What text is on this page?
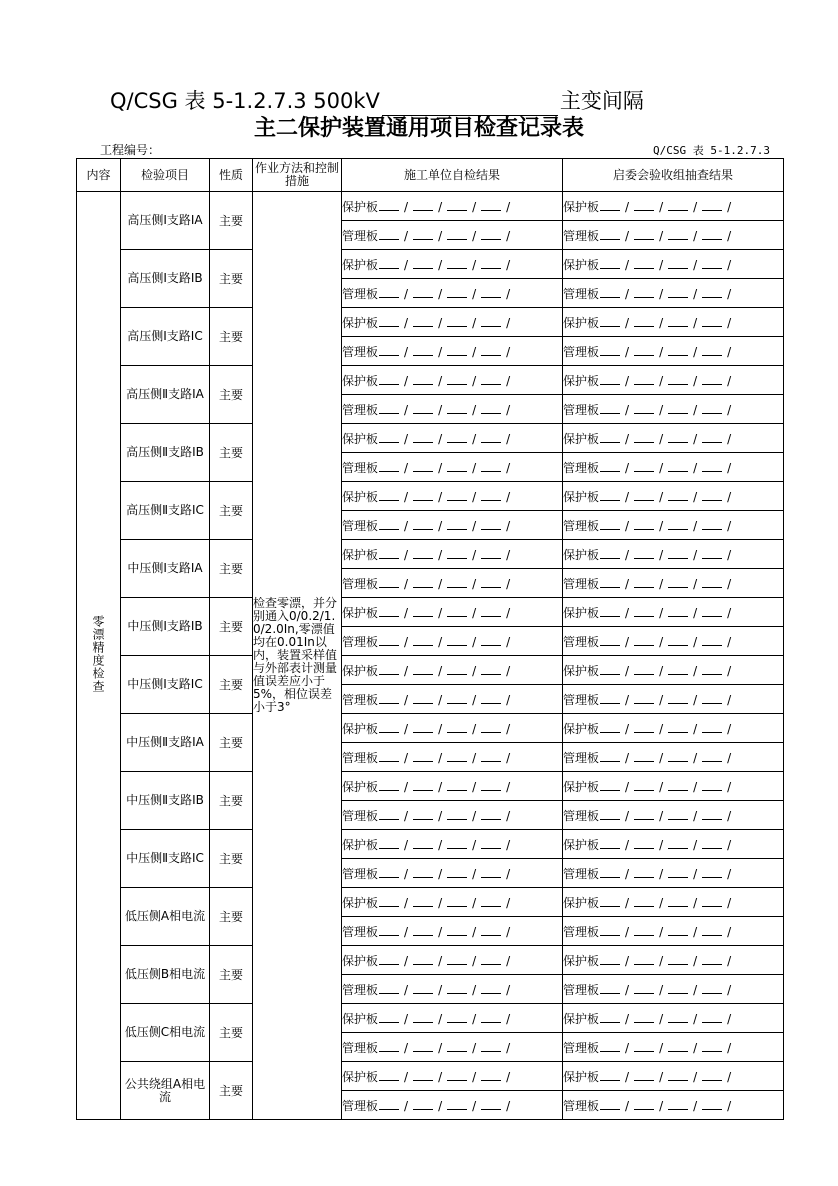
Q/CSG 表 5-1.2.7.3 500kV	主变间隔
主二保护装置通用项目检查记录表
工程编号：	Q/CSG 表 5-1.2.7.3
内容	检验项目	性质	作业方法和控制措施	施工单位自检结果	启委会验收组抽查结果
零漂精度检查	高压侧Ⅰ支路IA	主要	检查零漂，并分别通入0/0.2/1.0/2.0In,零漂值均在0.01In以内，装置采样值与外部表计测量值误差应小于5%，相位误差小于3°	保护板 / / / /	保护板 / / / /
				管理板 / / / /	管理板 / / / /
	高压侧Ⅰ支路IB	主要		保护板 / / / /	保护板 / / / /
				管理板 / / / /	管理板 / / / /
	高压侧Ⅰ支路IC	主要		保护板 / / / /	保护板 / / / /
				管理板 / / / /	管理板 / / / /
	高压侧Ⅱ支路IA	主要		保护板 / / / /	保护板 / / / /
				管理板 / / / /	管理板 / / / /
	高压侧Ⅱ支路IB	主要		保护板 / / / /	保护板 / / / /
				管理板 / / / /	管理板 / / / /
	高压侧Ⅱ支路IC	主要		保护板 / / / /	保护板 / / / /
				管理板 / / / /	管理板 / / / /
	中压侧Ⅰ支路IA	主要		保护板 / / / /	保护板 / / / /
				管理板 / / / /	管理板 / / / /
	中压侧Ⅰ支路IB	主要		保护板 / / / /	保护板 / / / /
				管理板 / / / /	管理板 / / / /
	中压侧Ⅰ支路IC	主要		保护板 / / / /	保护板 / / / /
				管理板 / / / /	管理板 / / / /
	中压侧Ⅱ支路IA	主要		保护板 / / / /	保护板 / / / /
				管理板 / / / /	管理板 / / / /
	中压侧Ⅱ支路IB	主要		保护板 / / / /	保护板 / / / /
				管理板 / / / /	管理板 / / / /
	中压侧Ⅱ支路IC	主要		保护板 / / / /	保护板 / / / /
				管理板 / / / /	管理板 / / / /
	低压侧A相电流	主要		保护板 / / / /	保护板 / / / /
				管理板 / / / /	管理板 / / / /
	低压侧B相电流	主要		保护板 / / / /	保护板 / / / /
				管理板 / / / /	管理板 / / / /
	低压侧C相电流	主要		保护板 / / / /	保护板 / / / /
				管理板 / / / /	管理板 / / / /
	公共绕组A相电流	主要		保护板 / / / /	保护板 / / / /
				管理板 / / / /	管理板 / / / /
